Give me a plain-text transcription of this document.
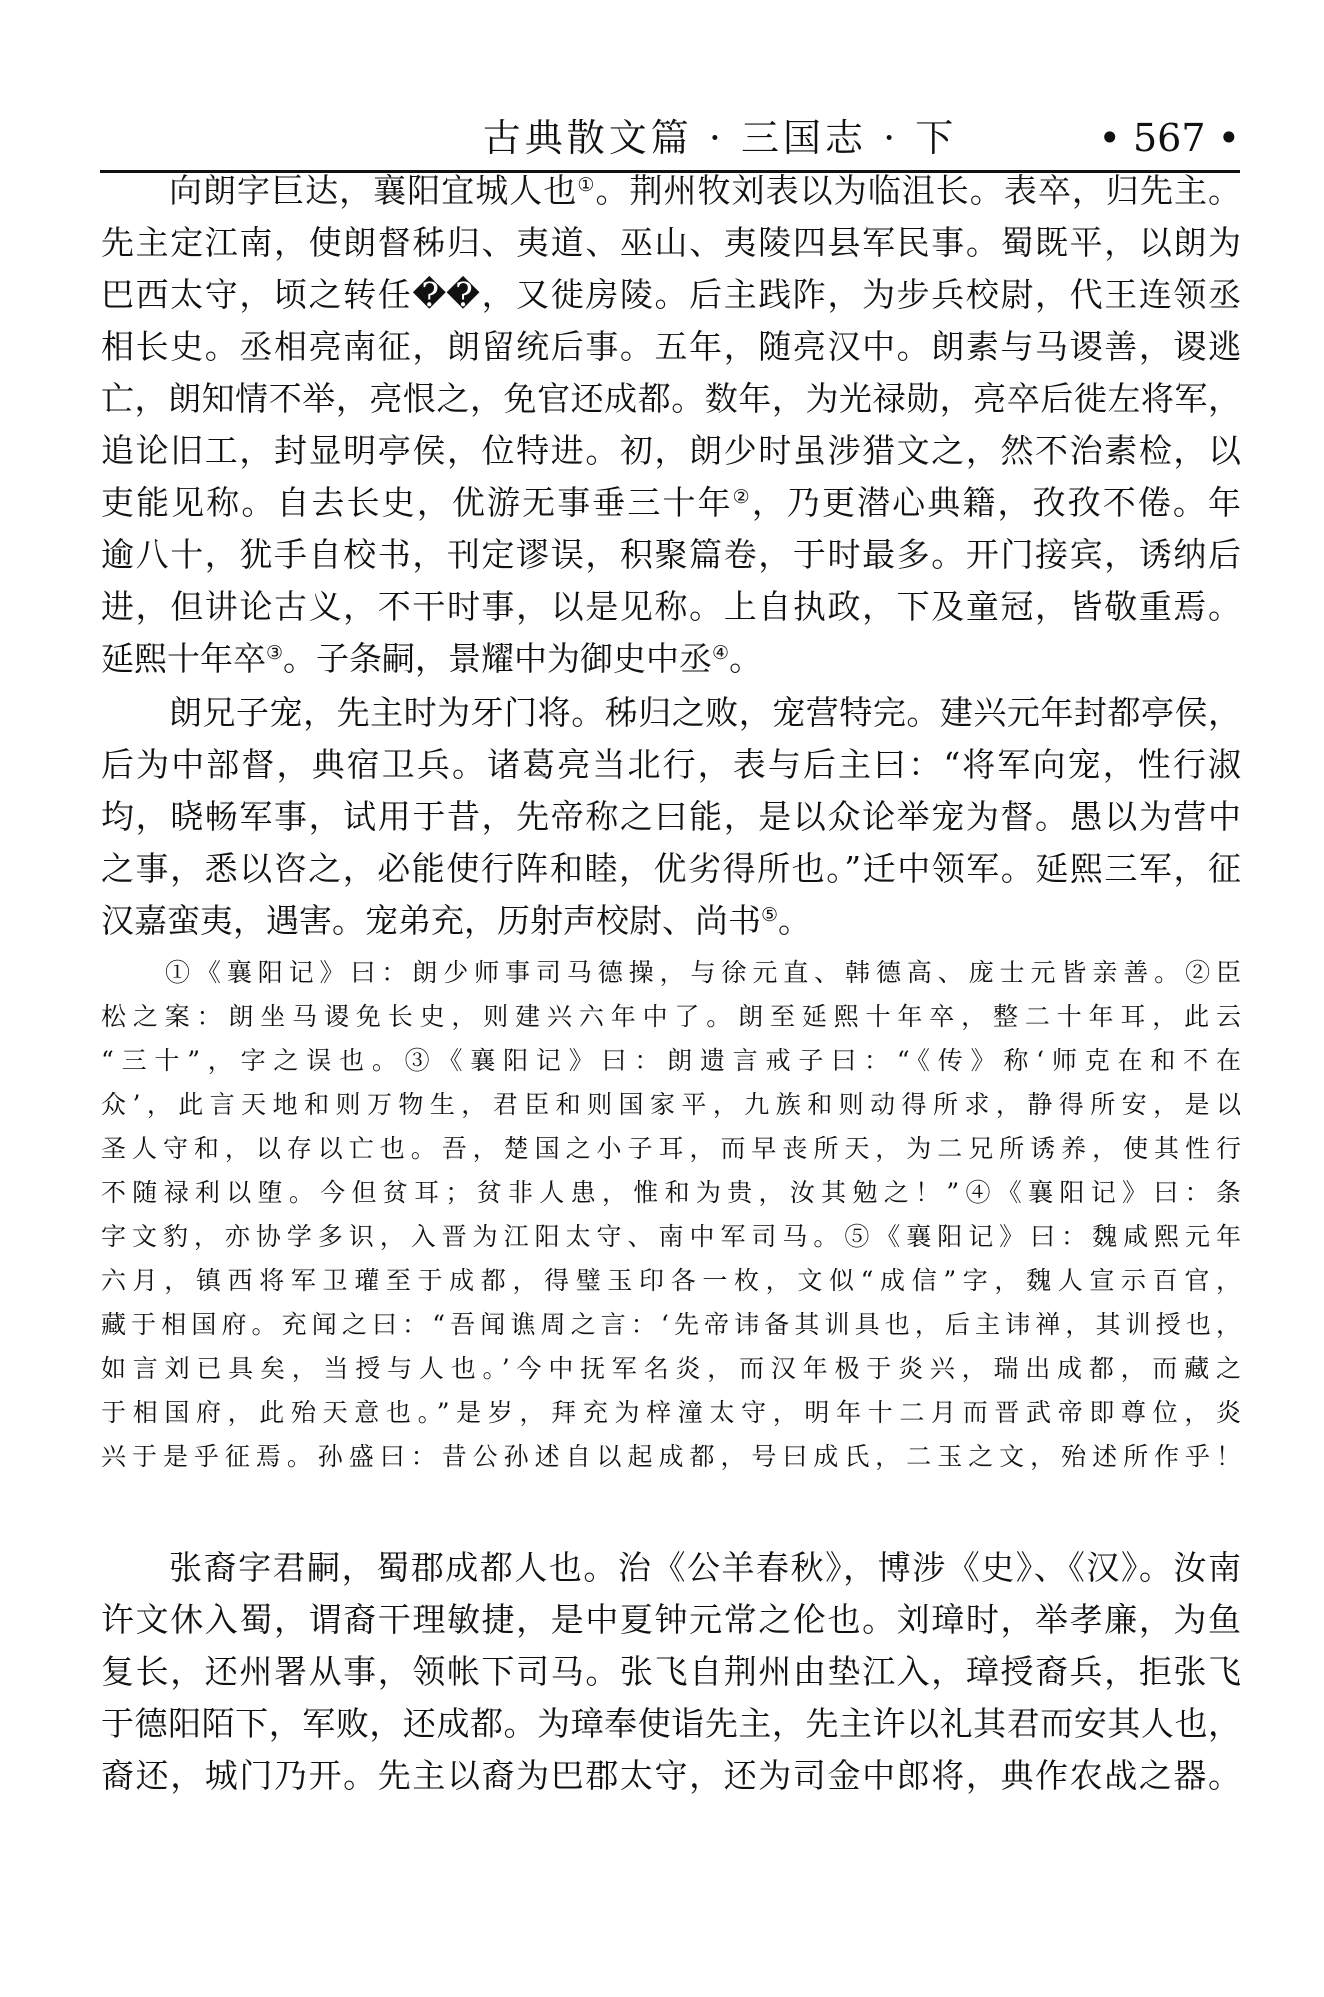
古典散文篇 · 三国志 · 下	• 567 •
向朗字巨达，襄阳宜城人也①。荆州牧刘表以为临沮长。表卒，归先主。
先主定江南，使朗督秭归、夷道、巫山、夷陵四县军民事。蜀既平，以朗为
巴西太守，顷之转任��，又徙房陵。后主践阼，为步兵校尉，代王连领丞
相长史。丞相亮南征，朗留统后事。五年，随亮汉中。朗素与马谡善，谡逃
亡，朗知情不举，亮恨之，免官还成都。数年，为光禄勋，亮卒后徙左将军，
追论旧工，封显明亭侯，位特进。初，朗少时虽涉猎文之，然不治素检，以
吏能见称。自去长史，优游无事垂三十年②，乃更潜心典籍，孜孜不倦。年
逾八十，犹手自校书，刊定谬误，积聚篇卷，于时最多。开门接宾，诱纳后
进，但讲论古义，不干时事，以是见称。上自执政，下及童冠，皆敬重焉。
延熙十年卒③。子条嗣，景耀中为御史中丞④。
朗兄子宠，先主时为牙门将。秭归之败，宠营特完。建兴元年封都亭侯，
后为中部督，典宿卫兵。诸葛亮当北行，表与后主曰：“将军向宠，性行淑
均，晓畅军事，试用于昔，先帝称之曰能，是以众论举宠为督。愚以为营中
之事，悉以咨之，必能使行阵和睦，优劣得所也。”迁中领军。延熙三军，征
汉嘉蛮夷，遇害。宠弟充，历射声校尉、尚书⑤。
①《襄阳记》曰：朗少师事司马德操，与徐元直、韩德高、庞士元皆亲善。②臣
松之案：朗坐马谡免长史，则建兴六年中了。朗至延熙十年卒，整二十年耳，此云
“三十”，字之误也。③《襄阳记》曰：朗遗言戒子曰：“《传》称‘师克在和不在
众’，此言天地和则万物生，君臣和则国家平，九族和则动得所求，静得所安，是以
圣人守和，以存以亡也。吾，楚国之小子耳，而早丧所天，为二兄所诱养，使其性行
不随禄利以堕。今但贫耳；贫非人患，惟和为贵，汝其勉之！”④《襄阳记》曰：条
字文豹，亦协学多识，入晋为江阳太守、南中军司马。⑤《襄阳记》曰：魏咸熙元年
六月，镇西将军卫瓘至于成都，得璧玉印各一枚，文似“成信”字，魏人宣示百官，
藏于相国府。充闻之曰：“吾闻谯周之言：‘先帝讳备其训具也，后主讳禅，其训授也，
如言刘已具矣，当授与人也。’今中抚军名炎，而汉年极于炎兴，瑞出成都，而藏之
于相国府，此殆天意也。”是岁，拜充为梓潼太守，明年十二月而晋武帝即尊位，炎
兴于是乎征焉。孙盛曰：昔公孙述自以起成都，号曰成氏，二玉之文，殆述所作乎！
张裔字君嗣，蜀郡成都人也。治《公羊春秋》，博涉《史》、《汉》。汝南
许文休入蜀，谓裔干理敏捷，是中夏钟元常之伦也。刘璋时，举孝廉，为鱼
复长，还州署从事，领帐下司马。张飞自荆州由垫江入，璋授裔兵，拒张飞
于德阳陌下，军败，还成都。为璋奉使诣先主，先主许以礼其君而安其人也，
裔还，城门乃开。先主以裔为巴郡太守，还为司金中郎将，典作农战之器。
